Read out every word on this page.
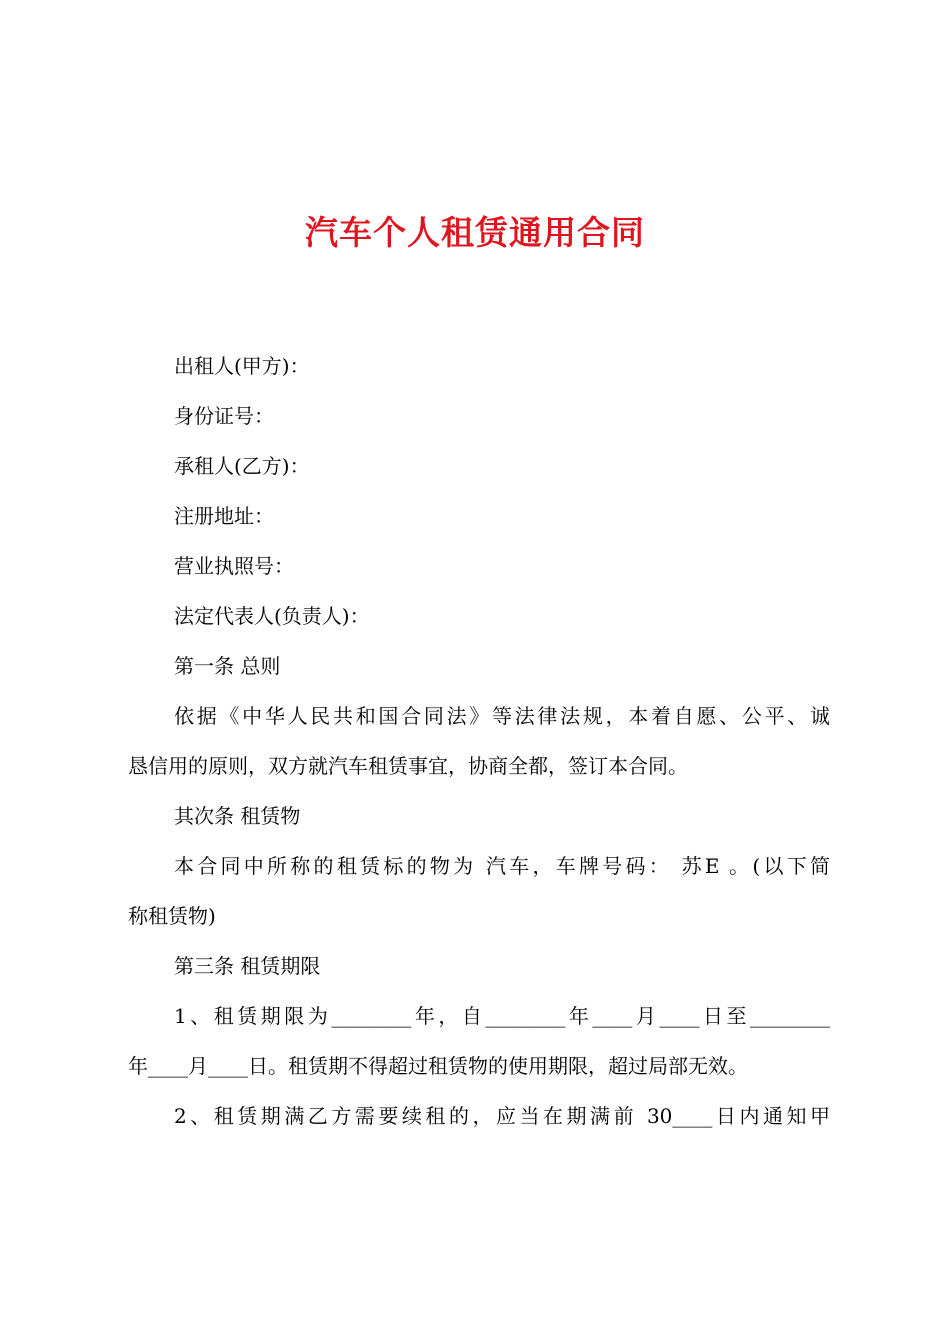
汽车个人租赁通用合同
出租人(甲方)：
身份证号：
承租人(乙方)：
注册地址：
营业执照号：
法定代表人(负责人)：
第一条 总则
依据《中华人民共和国合同法》等法律法规，本着自愿、公平、诚
恳信用的原则，双方就汽车租赁事宜，协商全都，签订本合同。
其次条 租赁物
本合同中所称的租赁标的物为 汽车，车牌号码： 苏E 。(以下简
称租赁物)
第三条 租赁期限
1、租赁期限为________年，自________年____月____日至________
年____月____日。租赁期不得超过租赁物的使用期限，超过局部无效。
2、租赁期满乙方需要续租的，应当在期满前 30____日内通知甲
